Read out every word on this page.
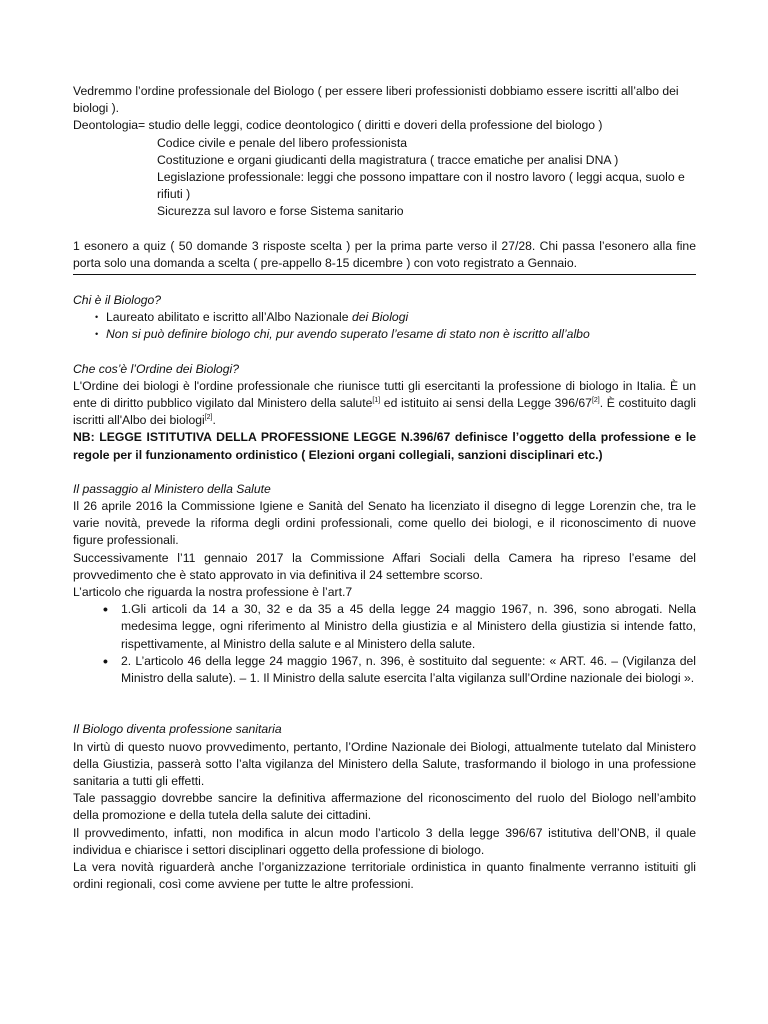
Vedremmo l’ordine professionale del Biologo ( per essere liberi professionisti dobbiamo essere iscritti all’albo dei biologi ).

Deontologia= studio delle leggi, codice deontologico ( diritti e doveri della professione del biologo )

Codice civile e penale del libero professionista

Costituzione e organi giudicanti della magistratura ( tracce ematiche per analisi DNA )

Legislazione professionale: leggi che possono impattare con il nostro lavoro ( leggi acqua, suolo e rifiuti )

Sicurezza sul lavoro e forse Sistema sanitario

1 esonero a quiz ( 50 domande 3 risposte scelta ) per la prima parte verso il 27/28. Chi passa l’esonero alla fine porta solo una domanda a scelta ( pre-appello 8-15 dicembre ) con voto registrato a Gennaio.

Chi è il Biologo?

• Laureato abilitato e iscritto all’Albo Nazionale dei Biologi
• Non si può definire biologo chi, pur avendo superato l’esame di stato non è iscritto all’albo

Che cos’è l’Ordine dei Biologi?

L'Ordine dei biologi è l'ordine professionale che riunisce tutti gli esercitanti la professione di biologo in Italia. È un ente di diritto pubblico vigilato dal Ministero della salute[1] ed istituito ai sensi della Legge 396/67[2]. È costituito dagli iscritti all'Albo dei biologi[2].

NB: LEGGE ISTITUTIVA DELLA PROFESSIONE LEGGE N.396/67 definisce l’oggetto della professione e le regole per il funzionamento ordinistico ( Elezioni organi collegiali, sanzioni disciplinari etc.)

Il passaggio al Ministero della Salute

Il 26 aprile 2016 la Commissione Igiene e Sanità del Senato ha licenziato il disegno di legge Lorenzin che, tra le varie novità, prevede la riforma degli ordini professionali, come quello dei biologi, e il riconoscimento di nuove figure professionali.

Successivamente l’11 gennaio 2017 la Commissione Affari Sociali della Camera ha ripreso l’esame del provvedimento che è stato approvato in via definitiva il 24 settembre scorso.

L’articolo che riguarda la nostra professione è l’art.7

• 1.Gli articoli da 14 a 30, 32 e da 35 a 45 della legge 24 maggio 1967, n. 396, sono abrogati. Nella medesima legge, ogni riferimento al Ministro della giustizia e al Ministero della giustizia si intende fatto, rispettivamente, al Ministro della salute e al Ministero della salute.
• 2. L’articolo 46 della legge 24 maggio 1967, n. 396, è sostituito dal seguente: « ART. 46. – (Vigilanza del Ministro della salute). – 1. Il Ministro della salute esercita l’alta vigilanza sull’Ordine nazionale dei biologi ».

Il Biologo diventa professione sanitaria

In virtù di questo nuovo provvedimento, pertanto, l’Ordine Nazionale dei Biologi, attualmente tutelato dal Ministero della Giustizia, passerà sotto l’alta vigilanza del Ministero della Salute, trasformando il biologo in una professione sanitaria a tutti gli effetti.

Tale passaggio dovrebbe sancire la definitiva affermazione del riconoscimento del ruolo del Biologo nell’ambito della promozione e della tutela della salute dei cittadini.

Il provvedimento, infatti, non modifica in alcun modo l’articolo 3 della legge 396/67 istitutiva dell’ONB, il quale individua e chiarisce i settori disciplinari oggetto della professione di biologo.

La vera novità riguarderà anche l’organizzazione territoriale ordinistica in quanto finalmente verranno istituiti gli ordini regionali, così come avviene per tutte le altre professioni.
